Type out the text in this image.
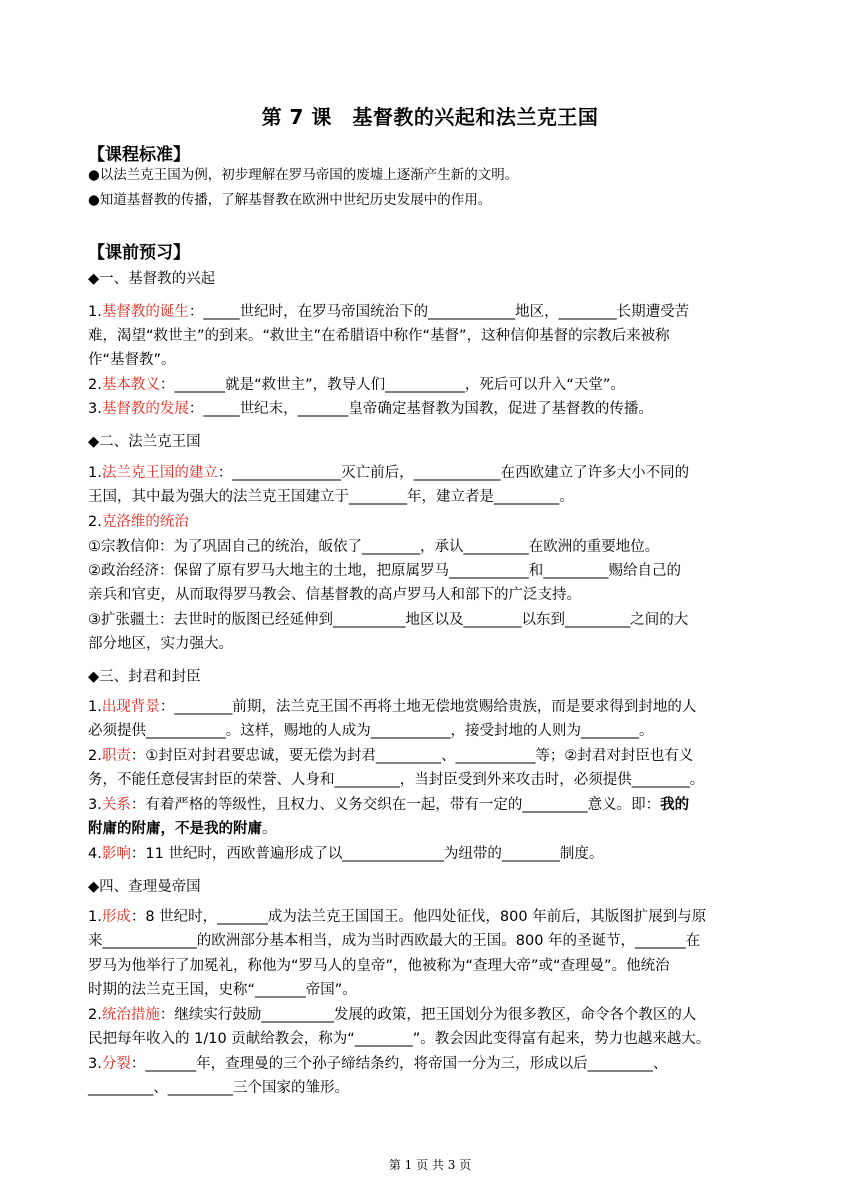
第 7 课　基督教的兴起和法兰克王国
【课程标准】
●以法兰克王国为例，初步理解在罗马帝国的废墟上逐渐产生新的文明。
●知道基督教的传播，了解基督教在欧洲中世纪历史发展中的作用。
【课前预习】
◆一、基督教的兴起
1.基督教的诞生：_____世纪时，在罗马帝国统治下的____________地区，________长期遭受苦
难，渴望“救世主”的到来。“救世主”在希腊语中称作“基督”，这种信仰基督的宗教后来被称
作“基督教”。
2.基本教义：_______就是“救世主”，教导人们___________，死后可以升入“天堂”。
3.基督教的发展：_____世纪末，_______皇帝确定基督教为国教，促进了基督教的传播。
◆二、法兰克王国
1.法兰克王国的建立：_______________灭亡前后，____________在西欧建立了许多大小不同的
王国，其中最为强大的法兰克王国建立于________年，建立者是_________。
2.克洛维的统治
①宗教信仰：为了巩固自己的统治，皈依了________，承认_________在欧洲的重要地位。
②政治经济：保留了原有罗马大地主的土地，把原属罗马___________和_________赐给自己的
亲兵和官吏，从而取得罗马教会、信基督教的高卢罗马人和部下的广泛支持。
③扩张疆土：去世时的版图已经延伸到__________地区以及________以东到_________之间的大
部分地区，实力强大。
◆三、封君和封臣
1.出现背景：________前期，法兰克王国不再将土地无偿地赏赐给贵族，而是要求得到封地的人
必须提供___________。这样，赐地的人成为___________，接受封地的人则为________。
2.职责：①封臣对封君要忠诚，要无偿为封君_________、___________等；②封君对封臣也有义
务，不能任意侵害封臣的荣誉、人身和_________，当封臣受到外来攻击时，必须提供________。
3.关系：有着严格的等级性，且权力、义务交织在一起，带有一定的_________意义。即：我的
附庸的附庸，不是我的附庸。
4.影响：11 世纪时，西欧普遍形成了以______________为纽带的________制度。
◆四、查理曼帝国
1.形成：8 世纪时，_______成为法兰克王国国王。他四处征伐，800 年前后，其版图扩展到与原
来_____________的欧洲部分基本相当，成为当时西欧最大的王国。800 年的圣诞节，_______在
罗马为他举行了加冕礼，称他为“罗马人的皇帝”，他被称为“查理大帝”或“查理曼”。他统治
时期的法兰克王国，史称“_______帝国”。
2.统治措施：继续实行鼓励__________发展的政策，把王国划分为很多教区，命令各个教区的人
民把每年收入的 1/10 贡献给教会，称为“________”。教会因此变得富有起来，势力也越来越大。
3.分裂：_______年，查理曼的三个孙子缔结条约，将帝国一分为三，形成以后_________、
_________、_________三个国家的雏形。
第 1 页 共 3 页
